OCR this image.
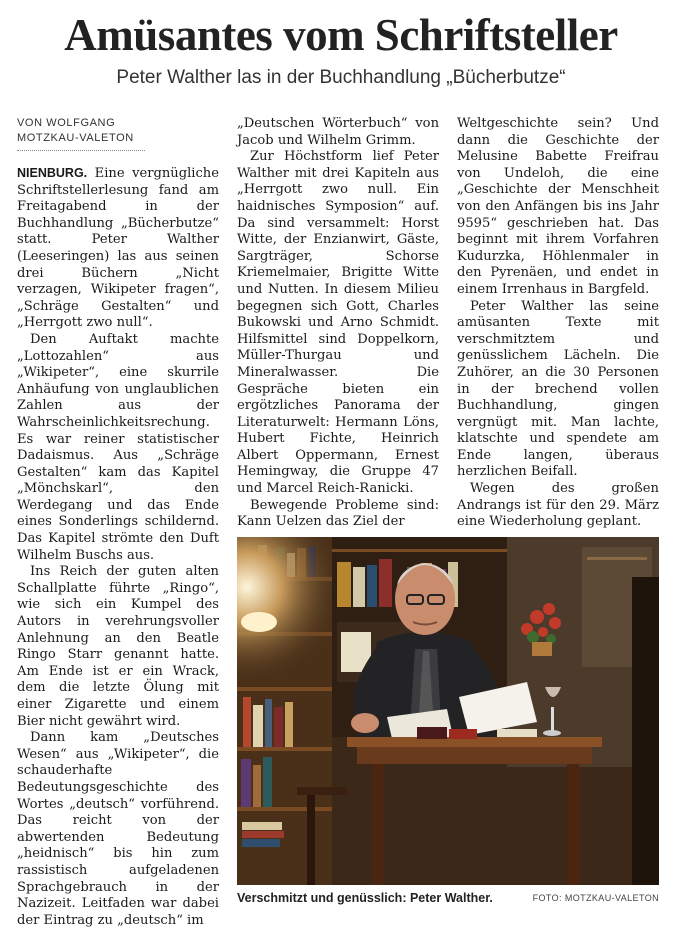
Amüsantes vom Schriftsteller
Peter Walther las in der Buchhandlung „Bücherbutze“
VON WOLFGANG
MOTZKAU-VALETON

NIENBURG. Eine vergnügliche Schriftstellerlesung fand am Freitagabend in der Buchhandlung „Bücherbutze“ statt. Peter Walther (Leeseringen) las aus seinen drei Büchern „Nicht verzagen, Wikipeter fragen“, „Schräge Gestalten“ und „Herrgott zwo null“.

Den Auftakt machte „Lottozahlen“ aus „Wikipeter“, eine skurrile Anhäufung von unglaublichen Zahlen aus der Wahrscheinlichkeitsrechung. Es war reiner statistischer Dadaismus. Aus „Schräge Gestalten“ kam das Kapitel „Mönchskarl“, den Werdegang und das Ende eines Sonderlings schildernd. Das Kapitel strömte den Duft Wilhelm Buschs aus.

Ins Reich der guten alten Schallplatte führte „Ringo“, wie sich ein Kumpel des Autors in verehrungsvoller Anlehnung an den Beatle Ringo Starr genannt hatte. Am Ende ist er ein Wrack, dem die letzte Ölung mit einer Zigarette und einem Bier nicht gewährt wird.

Dann kam „Deutsches Wesen“ aus „Wikipeter“, die schauderhafte Bedeutungsgeschichte des Wortes „deutsch“ vorführend. Das reicht von der abwertenden Bedeutung „heidnisch“ bis hin zum rassistisch aufgeladenen Sprachgebrauch in der Nazizeit. Leitfaden war dabei der Eintrag zu „deutsch“ im

„Deutschen Wörterbuch“ von Jacob und Wilhelm Grimm.

Zur Höchstform lief Peter Walther mit drei Kapiteln aus „Herrgott zwo null. Ein haidnisches Symposion“ auf. Da sind versammelt: Horst Witte, der Enzianwirt, Gäste, Sargträger, Schorse Kriemelmaier, Brigitte Witte und Nutten. In diesem Milieu begegnen sich Gott, Charles Bukowski und Arno Schmidt. Hilfsmittel sind Doppelkorn, Müller-Thurgau und Mineralwasser. Die Gespräche bieten ein ergötzliches Panorama der Literaturwelt: Hermann Löns, Hubert Fichte, Heinrich Albert Oppermann, Ernest Hemingway, die Gruppe 47 und Marcel Reich-Ranicki.

Bewegende Probleme sind: Kann Uelzen das Ziel der

Weltgeschichte sein? Und dann die Geschichte der Melusine Babette Freifrau von Undeloh, die eine „Geschichte der Menschheit von den Anfängen bis ins Jahr 9595“ geschrieben hat. Das beginnt mit ihrem Vorfahren Kudurzka, Höhlenmaler in den Pyrenäen, und endet in einem Irrenhaus in Bargfeld.

Peter Walther las seine amüsanten Texte mit verschmitztem und genüsslichem Lächeln. Die Zuhörer, an die 30 Personen in der brechend vollen Buchhandlung, gingen vergnügt mit. Man lachte, klatschte und spendete am Ende langen, überaus herzlichen Beifall.

Wegen des großen Andrangs ist für den 29. März eine Wiederholung geplant.

Verschmitzt und genüsslich: Peter Walther.	FOTO: MOTZKAU-VALETON
